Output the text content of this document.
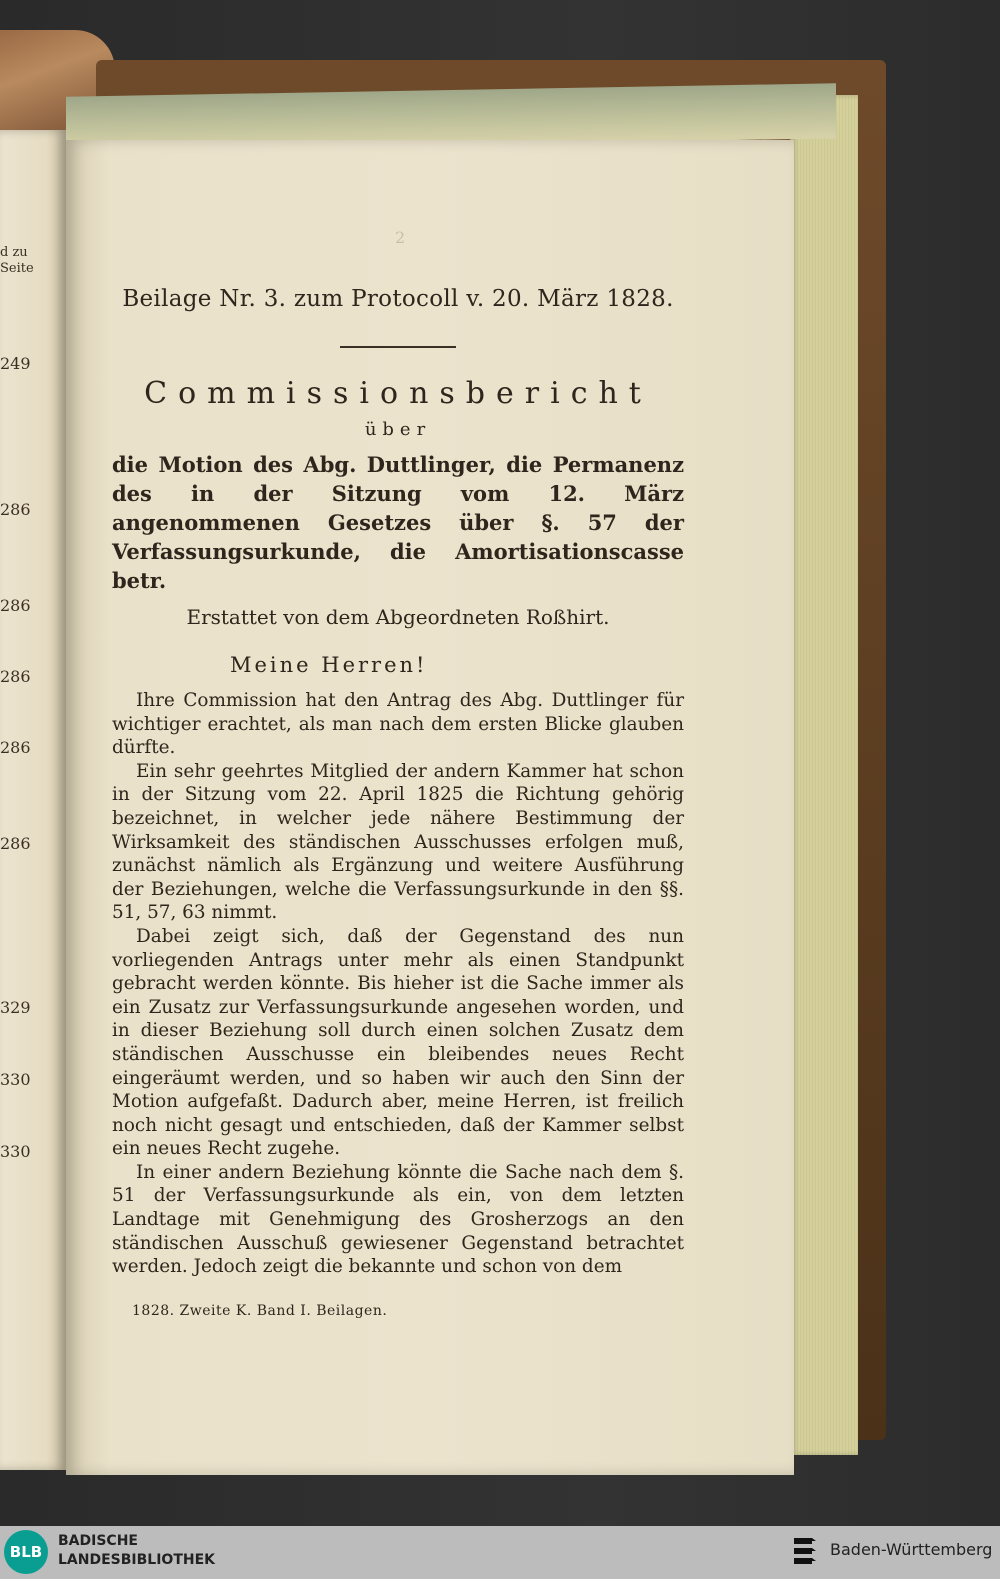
d zu
Seite
249
286
286
286
286
286
329
330
330
2
Beilage Nr. 3. zum Protocoll v. 20. März 1828.
Commissionsbericht
über
die Motion des Abg. Duttlinger, die Permanenz des in der Sitzung vom 12. März angenommenen Gesetzes über §. 57 der Verfassungsurkunde, die Amortisationscasse betr.
Erstattet von dem Abgeordneten Roßhirt.
Meine Herren!

Ihre Commission hat den Antrag des Abg. Duttlinger für wichtiger erachtet, als man nach dem ersten Blicke glauben dürfte.

Ein sehr geehrtes Mitglied der andern Kammer hat schon in der Sitzung vom 22. April 1825 die Richtung gehörig bezeichnet, in welcher jede nähere Bestimmung der Wirksamkeit des ständischen Ausschusses erfolgen muß, zunächst nämlich als Ergänzung und weitere Ausführung der Beziehungen, welche die Verfassungsurkunde in den §§. 51, 57, 63 nimmt.

Dabei zeigt sich, daß der Gegenstand des nun vorliegenden Antrags unter mehr als einen Standpunkt gebracht werden könnte. Bis hieher ist die Sache immer als ein Zusatz zur Verfassungsurkunde angesehen worden, und in dieser Beziehung soll durch einen solchen Zusatz dem ständischen Ausschusse ein bleibendes neues Recht eingeräumt werden, und so haben wir auch den Sinn der Motion aufgefaßt. Dadurch aber, meine Herren, ist freilich noch nicht gesagt und entschieden, daß der Kammer selbst ein neues Recht zugehe.

In einer andern Beziehung könnte die Sache nach dem §. 51 der Verfassungsurkunde als ein, von dem letzten Landtage mit Genehmigung des Grosherzogs an den ständischen Ausschuß gewiesener Gegenstand betrachtet werden. Jedoch zeigt die bekannte und schon von dem

1828. Zweite K. Band I. Beilagen.
BLB
BADISCHE
LANDESBIBLIOTHEK
Baden-Württemberg
